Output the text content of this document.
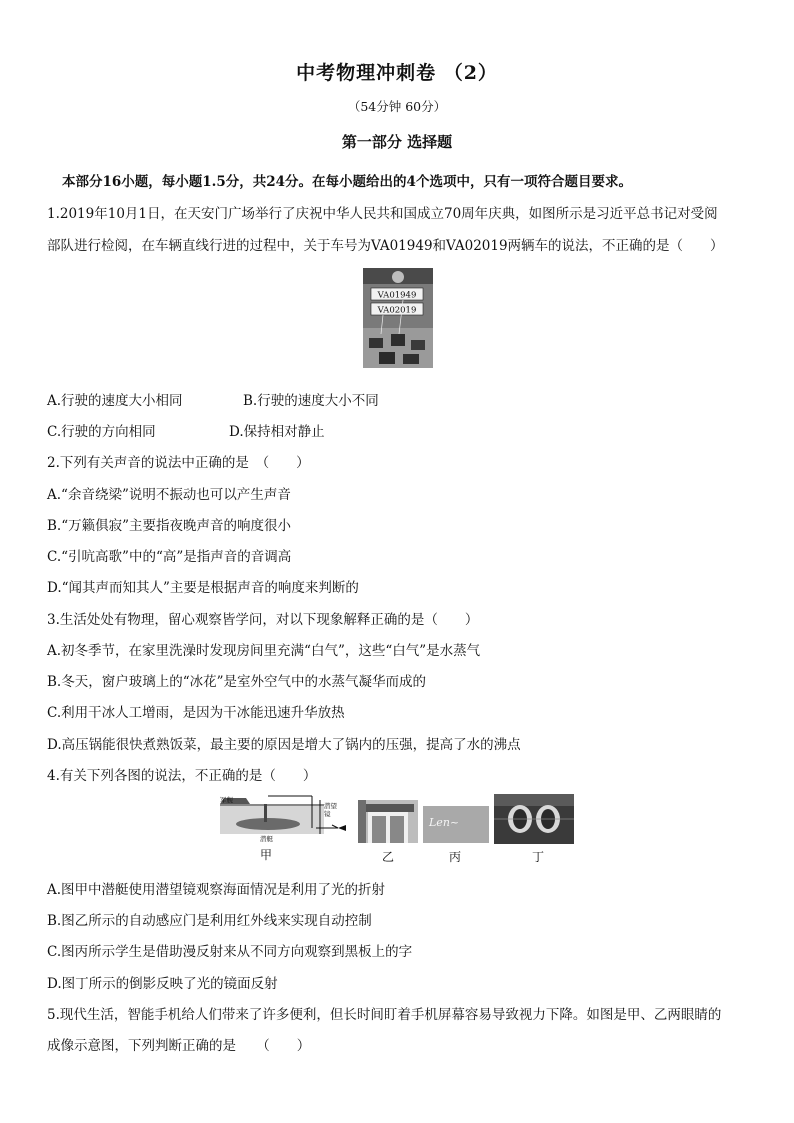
中考物理冲刺卷 （2）
（54分钟 60分）
第一部分 选择题
本部分16小题，每小题1.5分，共24分。在每小题给出的4个选项中，只有一项符合题目要求。
1.2019年10月1日，在天安门广场举行了庆祝中华人民共和国成立70周年庆典，如图所示是习近平总书记对受阅
部队进行检阅，在车辆直线行进的过程中，关于车号为VA01949和VA02019两辆车的说法，不正确的是（　　）
VA01949
VA02019
A.行驶的速度大小相同	B.行驶的速度大小不同
C.行驶的方向相同	D.保持相对静止
2.下列有关声音的说法中正确的是　（　　）
A.“余音绕梁”说明不振动也可以产生声音
B.“万籁俱寂”主要指夜晚声音的响度很小
C.“引吭高歌”中的“高”是指声音的音调高
D.“闻其声而知其人”主要是根据声音的响度来判断的
3.生活处处有物理，留心观察皆学问，对以下现象解释正确的是（　　）
A.初冬季节，在家里洗澡时发现房间里充满“白气”，这些“白气”是水蒸气
B.冬天，窗户玻璃上的“冰花”是室外空气中的水蒸气凝华而成的
C.利用干冰人工增雨，是因为干冰能迅速升华放热
D.高压锅能很快煮熟饭菜，最主要的原因是增大了锅内的压强，提高了水的沸点
4.有关下列各图的说法，不正确的是（　　）
军舰
潜望
镜
潜艇
Len~
甲	乙	丙	丁
A.图甲中潜艇使用潜望镜观察海面情况是利用了光的折射
B.图乙所示的自动感应门是利用红外线来实现自动控制
C.图丙所示学生是借助漫反射来从不同方向观察到黑板上的字
D.图丁所示的倒影反映了光的镜面反射
5.现代生活，智能手机给人们带来了许多便利，但长时间盯着手机屏幕容易导致视力下降。如图是甲、乙两眼睛的
成像示意图，下列判断正确的是　　（　　）
